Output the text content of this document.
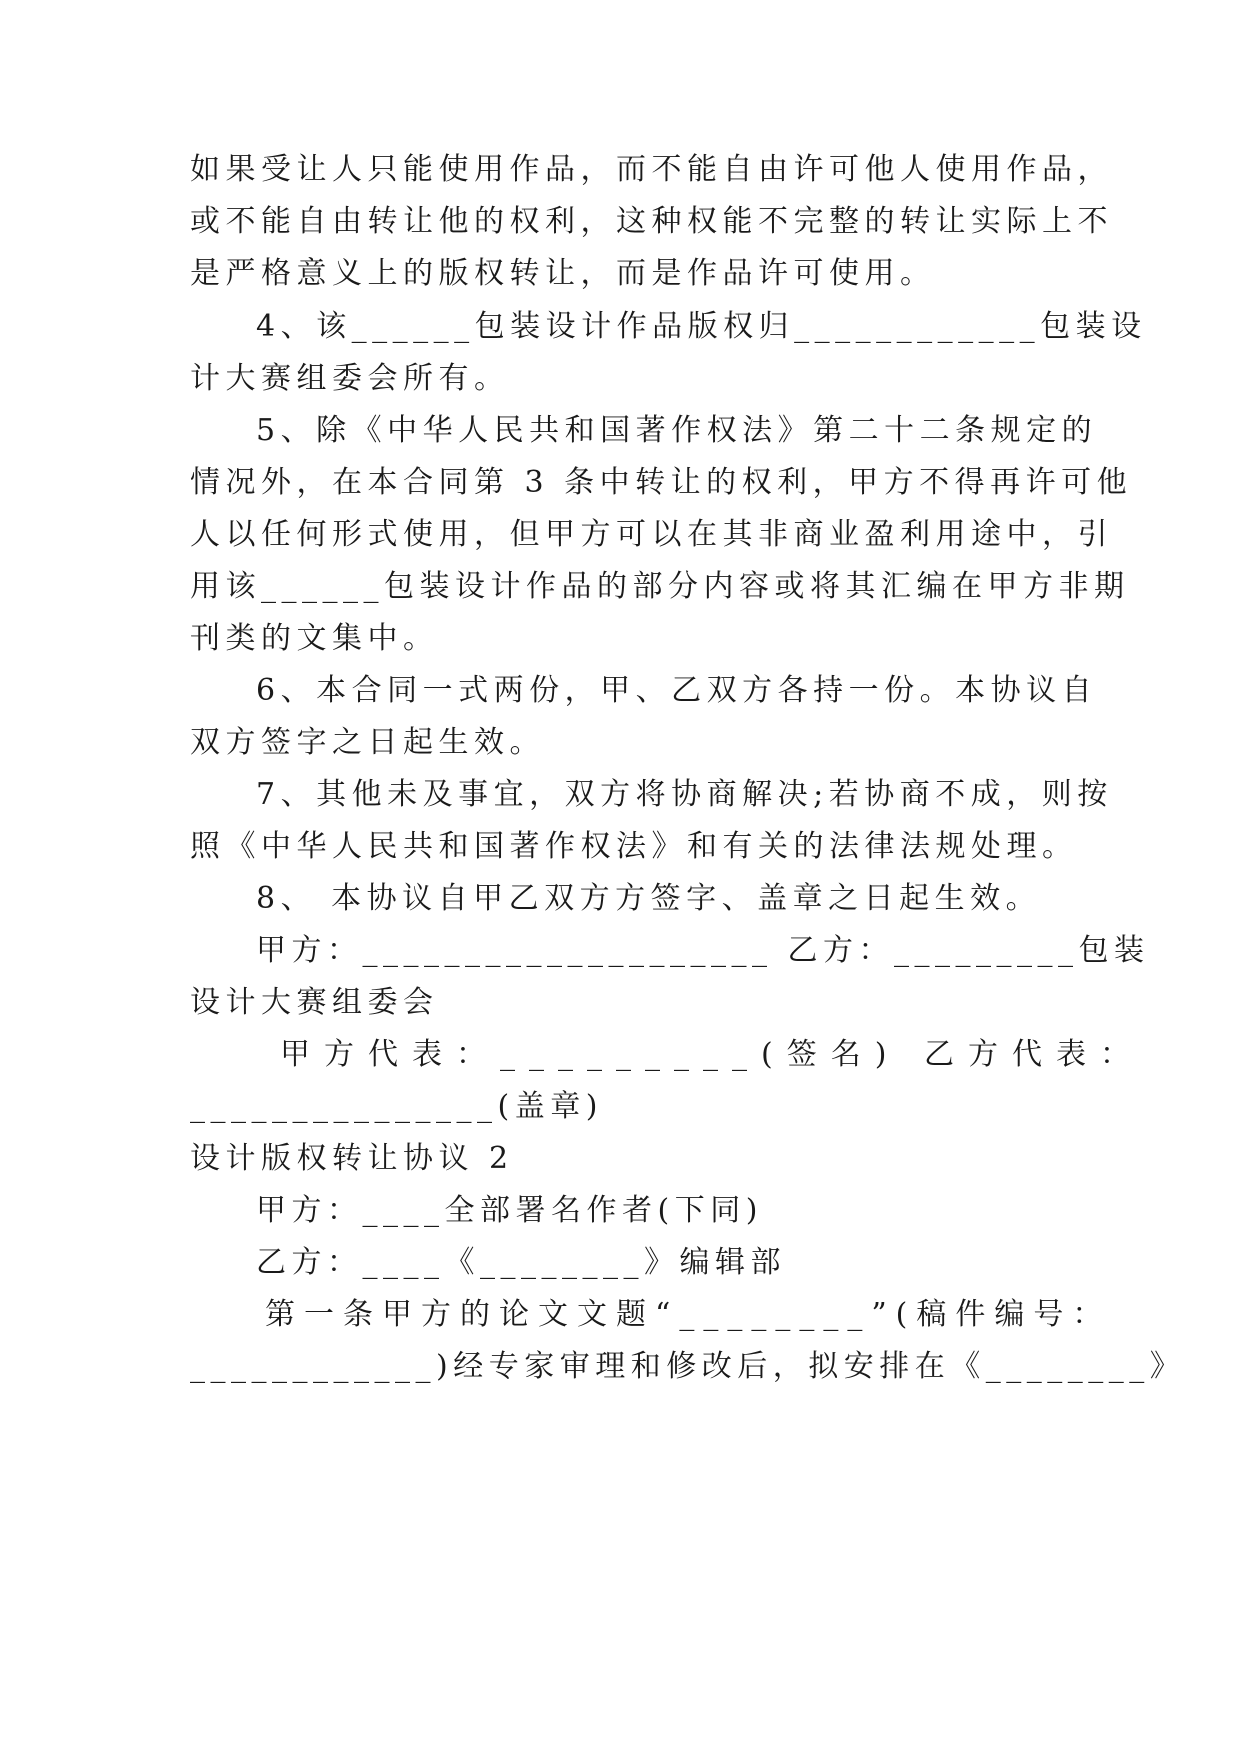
如果受让人只能使用作品，而不能自由许可他人使用作品，
或不能自由转让他的权利，这种权能不完整的转让实际上不
是严格意义上的版权转让，而是作品许可使用。
4、该______包装设计作品版权归____________包装设
计大赛组委会所有。
5、除《中华人民共和国著作权法》第二十二条规定的
情况外，在本合同第 3 条中转让的权利，甲方不得再许可他
人以任何形式使用，但甲方可以在其非商业盈利用途中，引
用该______包装设计作品的部分内容或将其汇编在甲方非期
刊类的文集中。
6、本合同一式两份，甲、乙双方各持一份。本协议自
双方签字之日起生效。
7、其他未及事宜，双方将协商解决;若协商不成，则按
照《中华人民共和国著作权法》和有关的法律法规处理。
8、 本协议自甲乙双方方签字、盖章之日起生效。
甲方：____________________ 乙方：_________包装
设计大赛组委会
甲方代表：_________(签名) 乙方代表：
_______________(盖章)
设计版权转让协议 2
甲方：____全部署名作者(下同)
乙方：____《________》编辑部
第一条甲方的论文文题“________”(稿件编号：
____________)经专家审理和修改后，拟安排在《________》
